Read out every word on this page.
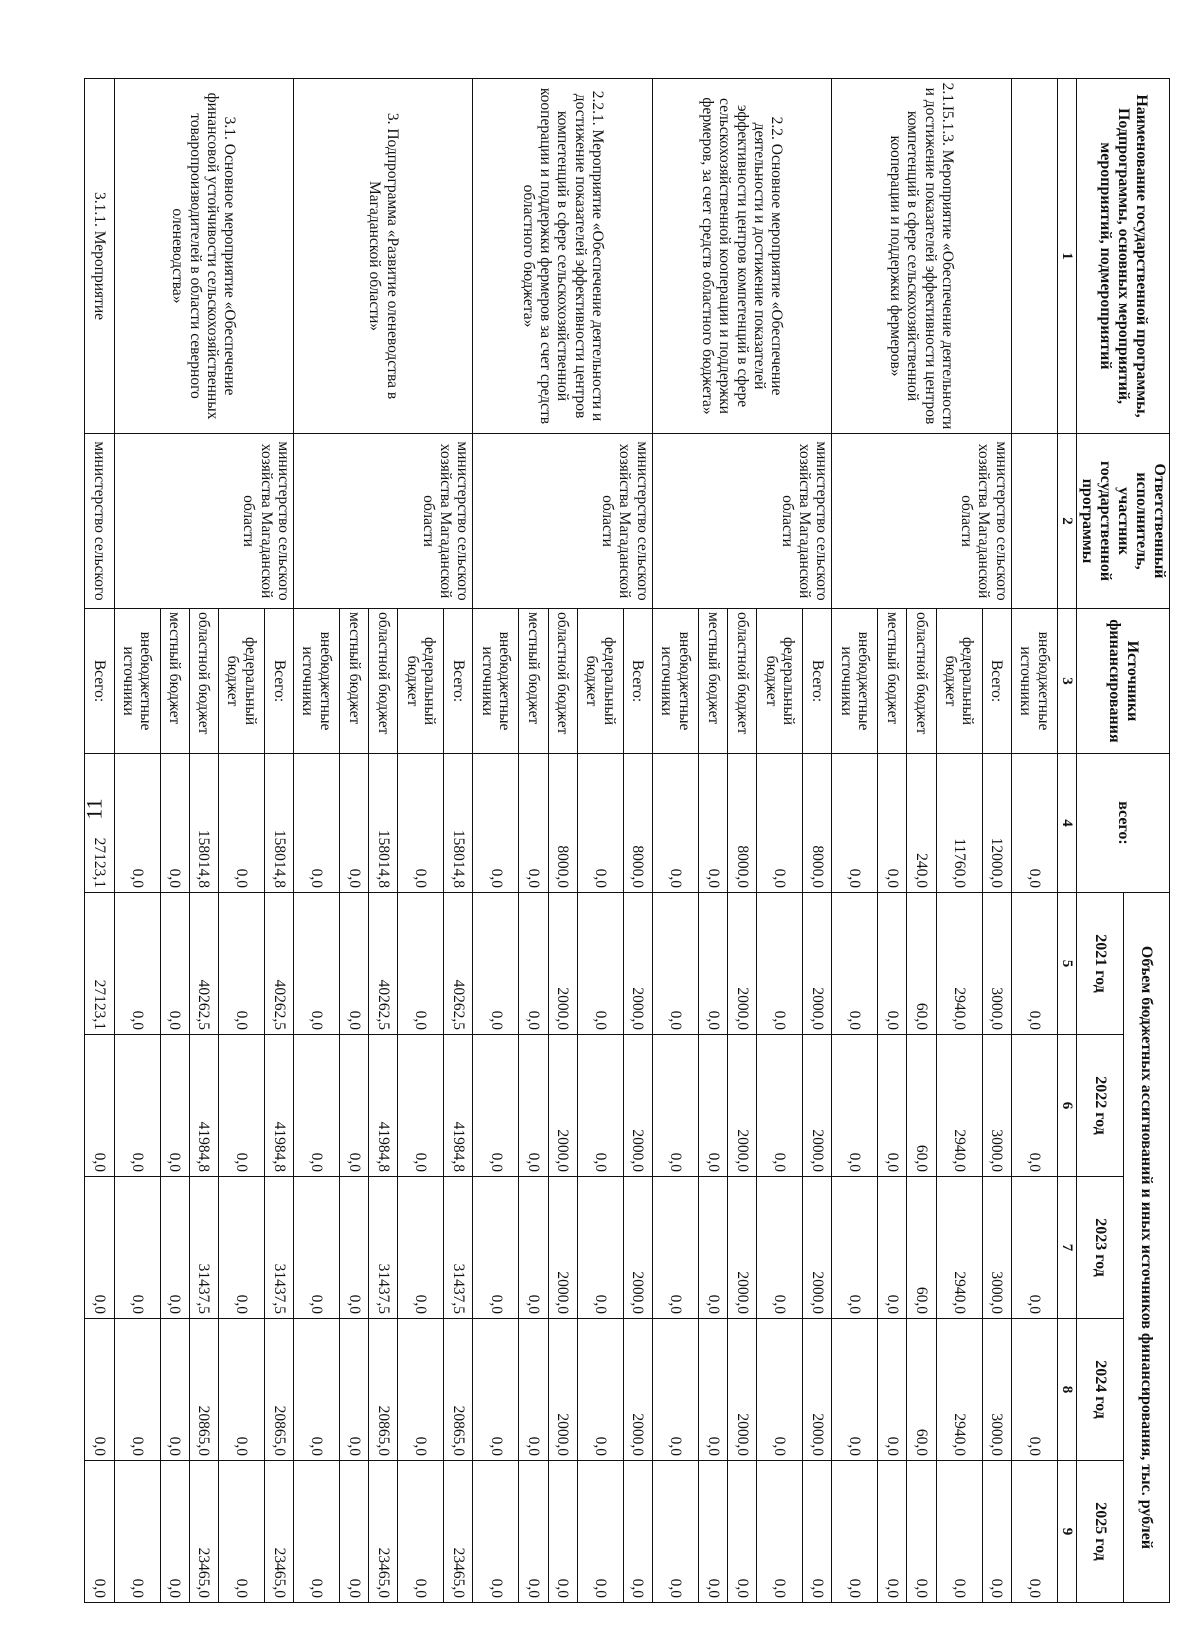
11
Наименование государственной программы, Подпрограммы, основных мероприятий, мероприятий, подмероприятий	Ответственный исполнитель, участник государственной программы	Источники финансирования	всего:	Объем бюджетных ассигнований и иных источников финансирования, тыс. рублей				
				2021 год	2022 год	2023 год	2024 год	2025 год
1	2	3	4	5	6	7	8	9
		внебюджетные источники	0,0	0,0	0,0	0,0	0,0	0,0
2.1.I5.1.3. Мероприятие «Обеспечение деятельности и достижение показателей эффективности центров компетенций в сфере сельскохозяйственной кооперации и поддержки фермеров»	министерство сельского хозяйства Магаданской области	Всего:	12000,0	3000,0	3000,0	3000,0	3000,0	0,0
		федеральный бюджет	11760,0	2940,0	2940,0	2940,0	2940,0	0,0
		областной бюджет	240,0	60,0	60,0	60,0	60,0	0,0
		местный бюджет	0,0	0,0	0,0	0,0	0,0	0,0
		внебюджетные источники	0,0	0,0	0,0	0,0	0,0	0,0
2.2. Основное мероприятие «Обеспечение деятельности и достижение показателей эффективности центров компетенций в сфере сельскохозяйственной кооперации и поддержки фермеров, за счет средств областного бюджета»	министерство сельского хозяйства Магаданской области	Всего:	8000,0	2000,0	2000,0	2000,0	2000,0	0,0
		федеральный бюджет	0,0	0,0	0,0	0,0	0,0	0,0
		областной бюджет	8000,0	2000,0	2000,0	2000,0	2000,0	0,0
		местный бюджет	0,0	0,0	0,0	0,0	0,0	0,0
		внебюджетные источники	0,0	0,0	0,0	0,0	0,0	0,0
2.2.1. Мероприятие «Обеспечение деятельности и достижение показателей эффективности центров компетенций в сфере сельскохозяйственной кооперации и поддержки фермеров за счет средств областного бюджета»	министерство сельского хозяйства Магаданской области	Всего:	8000,0	2000,0	2000,0	2000,0	2000,0	0,0
		федеральный бюджет	0,0	0,0	0,0	0,0	0,0	0,0
		областной бюджет	8000,0	2000,0	2000,0	2000,0	2000,0	0,0
		местный бюджет	0,0	0,0	0,0	0,0	0,0	0,0
		внебюджетные источники	0,0	0,0	0,0	0,0	0,0	0,0
3. Подпрограмма «Развитие оленеводства в Магаданской области»	министерство сельского хозяйства Магаданской области	Всего:	158014,8	40262,5	41984,8	31437,5	20865,0	23465,0
		федеральный бюджет	0,0	0,0	0,0	0,0	0,0	0,0
		областной бюджет	158014,8	40262,5	41984,8	31437,5	20865,0	23465,0
		местный бюджет	0,0	0,0	0,0	0,0	0,0	0,0
		внебюджетные источники	0,0	0,0	0,0	0,0	0,0	0,0
3.1. Основное мероприятие «Обеспечение финансовой устойчивости сельскохозяйственных товаропроизводителей в области северного оленеводства»	министерство сельского хозяйства Магаданской области	Всего:	158014,8	40262,5	41984,8	31437,5	20865,0	23465,0
		федеральный бюджет	0,0	0,0	0,0	0,0	0,0	0,0
		областной бюджет	158014,8	40262,5	41984,8	31437,5	20865,0	23465,0
		местный бюджет	0,0	0,0	0,0	0,0	0,0	0,0
		внебюджетные источники	0,0	0,0	0,0	0,0	0,0	0,0
3.1.1. Мероприятие	министерство сельского	Всего:	27123,1	27123,1	0,0	0,0	0,0	0,0
